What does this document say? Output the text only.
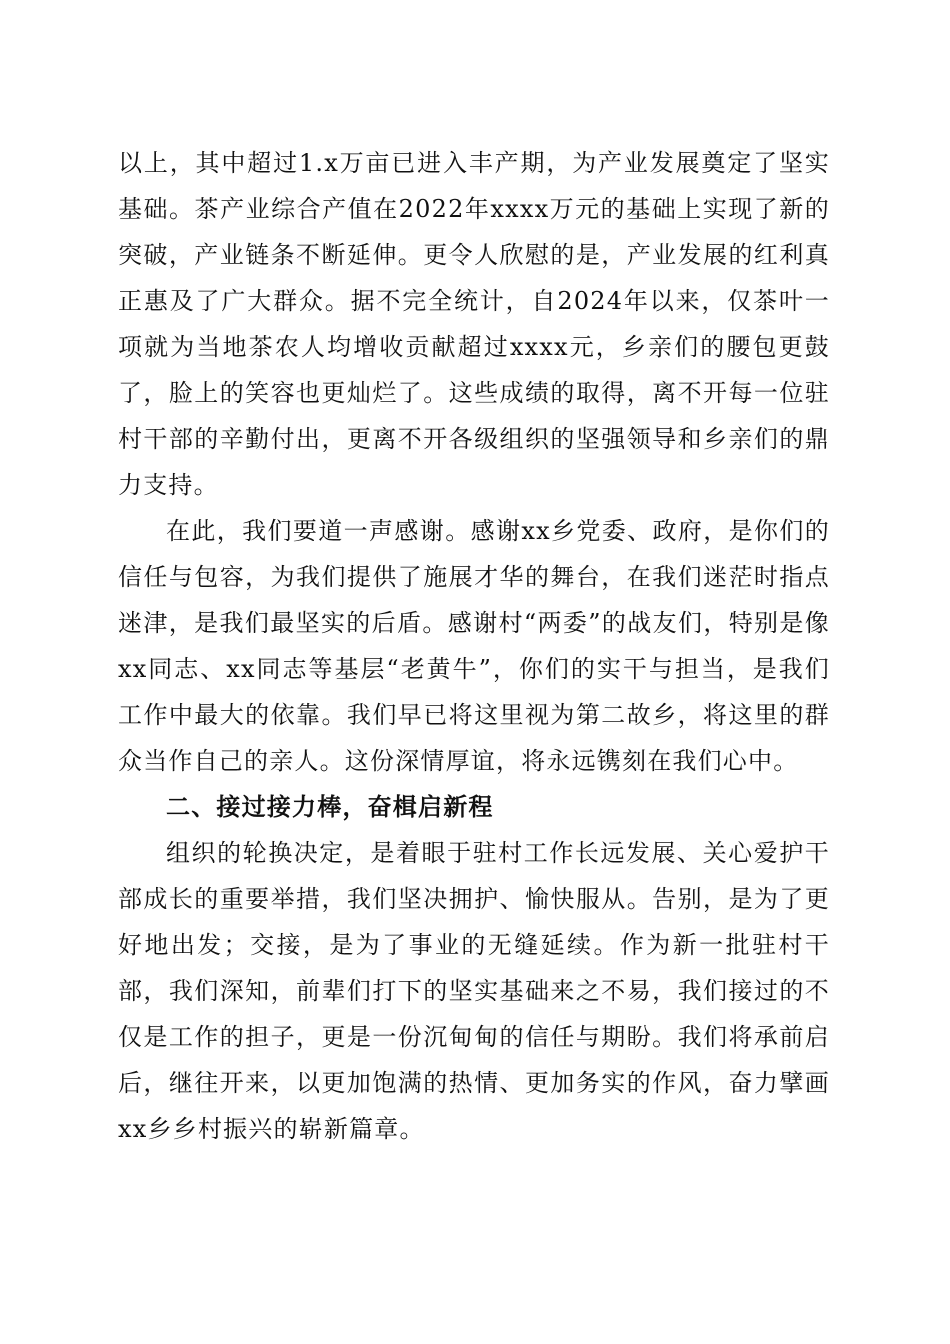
以上，其中超过1.x万亩已进入丰产期，为产业发展奠定了坚实基础。茶产业综合产值在2022年xxxx万元的基础上实现了新的突破，产业链条不断延伸。更令人欣慰的是，产业发展的红利真正惠及了广大群众。据不完全统计，自2024年以来，仅茶叶一项就为当地茶农人均增收贡献超过xxxx元，乡亲们的腰包更鼓了，脸上的笑容也更灿烂了。这些成绩的取得，离不开每一位驻村干部的辛勤付出，更离不开各级组织的坚强领导和乡亲们的鼎力支持。

在此，我们要道一声感谢。感谢xx乡党委、政府，是你们的信任与包容，为我们提供了施展才华的舞台，在我们迷茫时指点迷津，是我们最坚实的后盾。感谢村“两委”的战友们，特别是像xx同志、xx同志等基层“老黄牛”，你们的实干与担当，是我们工作中最大的依靠。我们早已将这里视为第二故乡，将这里的群众当作自己的亲人。这份深情厚谊，将永远镌刻在我们心中。

二、接过接力棒，奋楫启新程

组织的轮换决定，是着眼于驻村工作长远发展、关心爱护干部成长的重要举措，我们坚决拥护、愉快服从。告别，是为了更好地出发；交接，是为了事业的无缝延续。作为新一批驻村干部，我们深知，前辈们打下的坚实基础来之不易，我们接过的不仅是工作的担子，更是一份沉甸甸的信任与期盼。我们将承前启后，继往开来，以更加饱满的热情、更加务实的作风，奋力擘画xx乡乡村振兴的崭新篇章。
